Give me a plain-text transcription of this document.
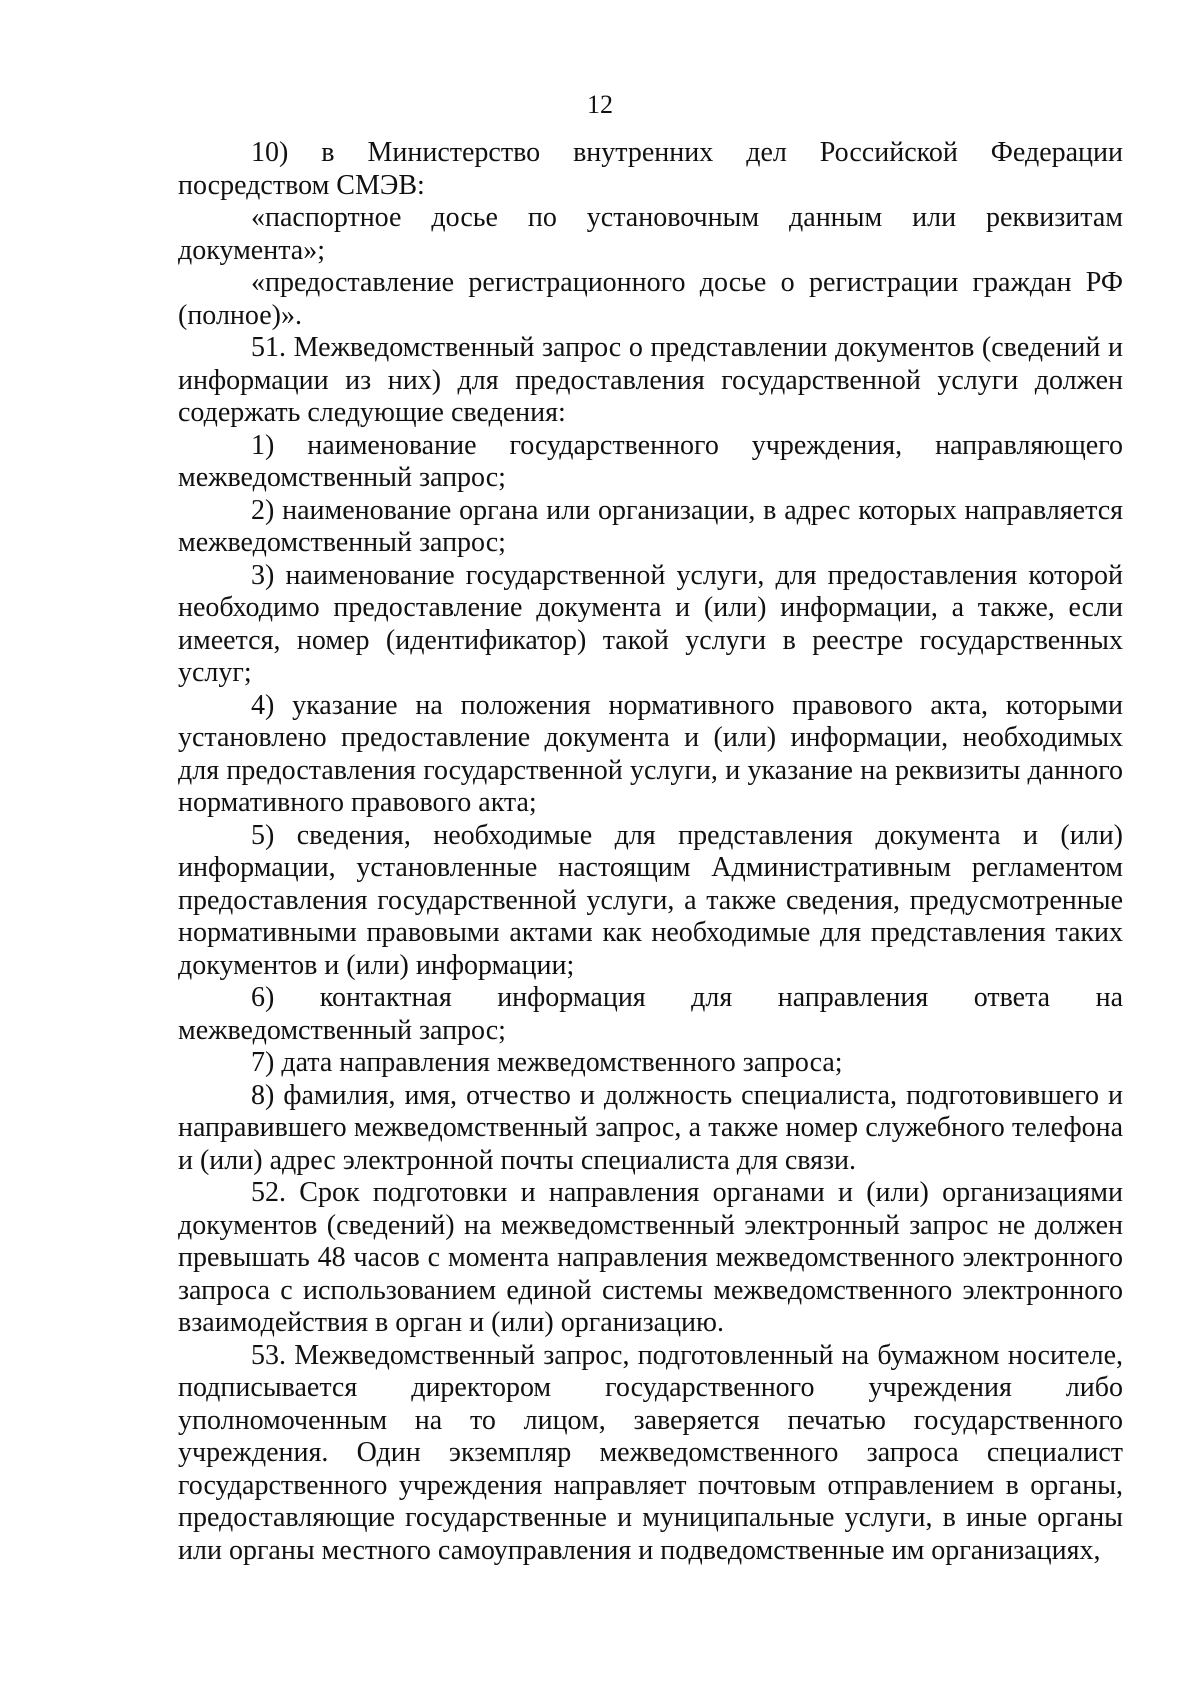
12

10) в Министерство внутренних дел Российской Федерации посредством СМЭВ:

«паспортное досье по установочным данным или реквизитам документа»;

«предоставление регистрационного досье о регистрации граждан РФ (полное)».

51. Межведомственный запрос о представлении документов (сведений и информации из них) для предоставления государственной услуги должен содержать следующие сведения:

1) наименование государственного учреждения, направляющего межведомственный запрос;

2) наименование органа или организации, в адрес которых направляется межведомственный запрос;

3) наименование государственной услуги, для предоставления которой необходимо предоставление документа и (или) информации, а также, если имеется, номер (идентификатор) такой услуги в реестре государственных услуг;

4) указание на положения нормативного правового акта, которыми установлено предоставление документа и (или) информации, необходимых для предоставления государственной услуги, и указание на реквизиты данного нормативного правового акта;

5) сведения, необходимые для представления документа и (или) информации, установленные настоящим Административным регламентом предоставления государственной услуги, а также сведения, предусмотренные нормативными правовыми актами как необходимые для представления таких документов и (или) информации;

6) контактная информация для направления ответа на межведомственный запрос;

7) дата направления межведомственного запроса;

8) фамилия, имя, отчество и должность специалиста, подготовившего и направившего межведомственный запрос, а также номер служебного телефона и (или) адрес электронной почты специалиста для связи.

52. Срок подготовки и направления органами и (или) организациями документов (сведений) на межведомственный электронный запрос не должен превышать 48 часов с момента направления межведомственного электронного запроса с использованием единой системы межведомственного электронного взаимодействия в орган и (или) организацию.

53. Межведомственный запрос, подготовленный на бумажном носителе, подписывается директором государственного учреждения либо уполномоченным на то лицом, заверяется печатью государственного учреждения. Один экземпляр межведомственного запроса специалист государственного учреждения направляет почтовым отправлением в органы, предоставляющие государственные и муниципальные услуги, в иные органы или органы местного самоуправления и подведомственные им организациях,
